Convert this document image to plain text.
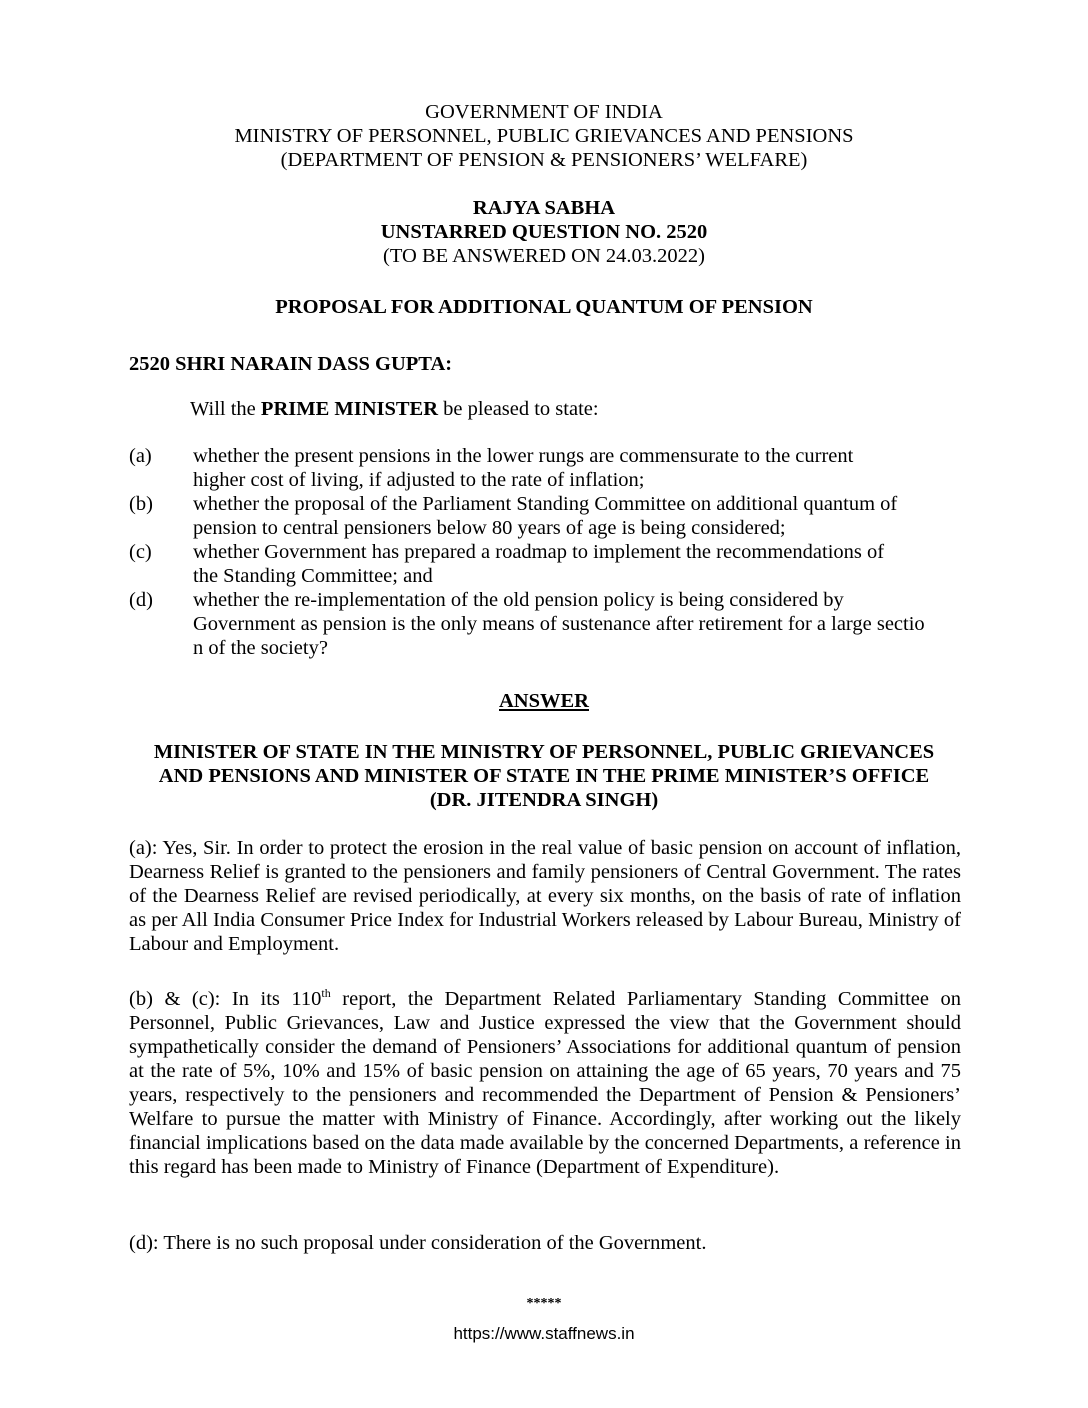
GOVERNMENT OF INDIA
MINISTRY OF PERSONNEL, PUBLIC GRIEVANCES AND PENSIONS
(DEPARTMENT OF PENSION & PENSIONERS’ WELFARE)
RAJYA SABHA
UNSTARRED QUESTION NO. 2520
(TO BE ANSWERED ON 24.03.2022)
PROPOSAL FOR ADDITIONAL QUANTUM OF PENSION
2520 SHRI NARAIN DASS GUPTA:
Will the PRIME MINISTER be pleased to state:
(a)	whether the present pensions in the lower rungs are commensurate to the current
higher cost of living, if adjusted to the rate of inflation;
(b)	whether the proposal of the Parliament Standing Committee on additional quantum of
pension to central pensioners below 80 years of age is being considered;
(c)	whether Government has prepared a roadmap to implement the recommendations of
the Standing Committee; and
(d)	whether the re-implementation of the old pension policy is being considered by
Government as pension is the only means of sustenance after retirement for a large sectio
n of the society?
ANSWER
MINISTER OF STATE IN THE MINISTRY OF PERSONNEL, PUBLIC GRIEVANCES
AND PENSIONS AND MINISTER OF STATE IN THE PRIME MINISTER’S OFFICE
(DR. JITENDRA SINGH)
(a): Yes, Sir. In order to protect the erosion in the real value of basic pension on account of inflation, Dearness Relief is granted to the pensioners and family pensioners of Central Government. The rates of the Dearness Relief are revised periodically, at every six months, on the basis of rate of inflation as per All India Consumer Price Index for Industrial Workers released by Labour Bureau, Ministry of Labour and Employment.
(b) & (c): In its 110th report, the Department Related Parliamentary Standing Committee on Personnel, Public Grievances, Law and Justice expressed the view that the Government should sympathetically consider the demand of Pensioners’ Associations for additional quantum of pension at the rate of 5%, 10% and 15% of basic pension on attaining the age of 65 years, 70 years and 75 years, respectively to the pensioners and recommended the Department of Pension & Pensioners’ Welfare to pursue the matter with Ministry of Finance. Accordingly, after working out the likely financial implications based on the data made available by the concerned Departments, a reference in this regard has been made to Ministry of Finance (Department of Expenditure).
(d): There is no such proposal under consideration of the Government.
*****
https://www.staffnews.in
